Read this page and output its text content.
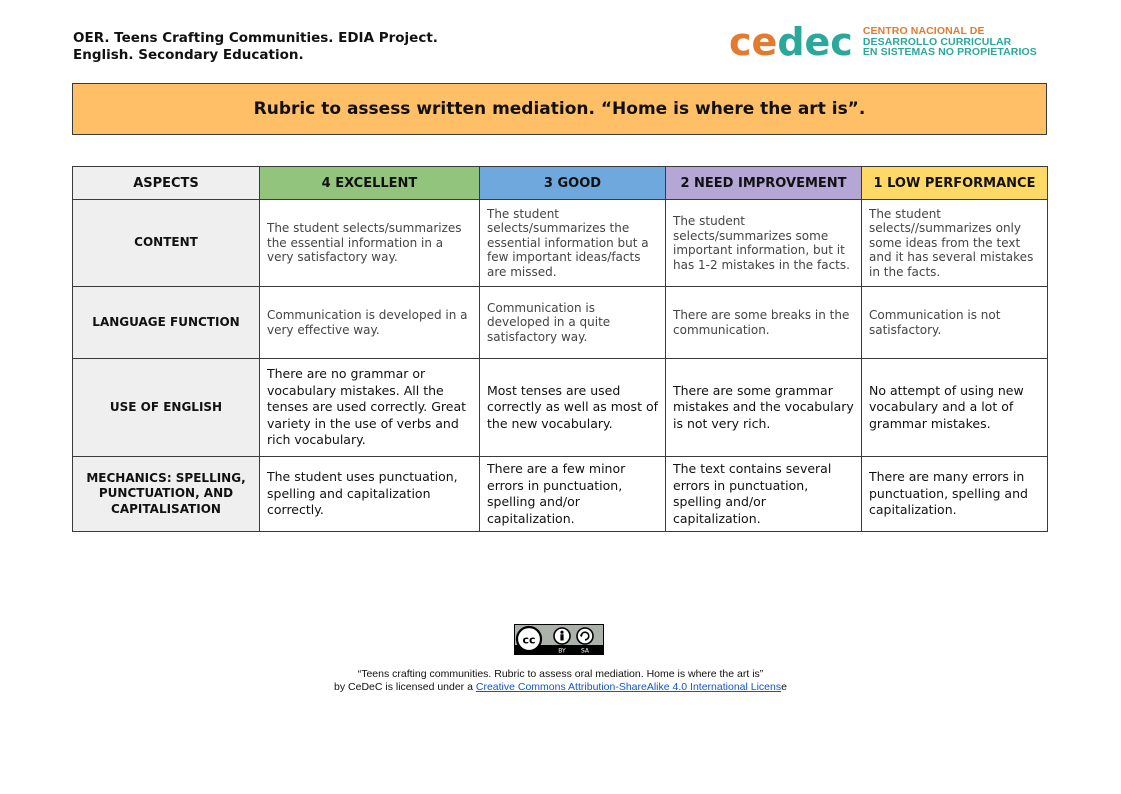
OER. Teens Crafting Communities. EDIA Project.
English. Secondary Education.	cedec CENTRO NACIONAL DE
DESARROLLO CURRICULAR
EN SISTEMAS NO PROPIETARIOS
Rubric to assess written mediation. “Home is where the art is”.
ASPECTS	4 EXCELLENT	3 GOOD	2 NEED IMPROVEMENT	1 LOW PERFORMANCE
CONTENT	The student selects/summarizes the essential information in a very satisfactory way.	The student selects/summarizes the essential information but a few important ideas/facts are missed.	The student selects/summarizes some important information, but it has 1-2 mistakes in the facts.	The student selects//summarizes only some ideas from the text and it has several mistakes in the facts.
LANGUAGE FUNCTION	Communication is developed in a very effective way.	Communication is developed in a quite satisfactory way.	There are some breaks in the communication.	Communication is not satisfactory.
USE OF ENGLISH	There are no grammar or vocabulary mistakes. All the tenses are used correctly. Great variety in the use of verbs and rich vocabulary.	Most tenses are used correctly as well as most of the new vocabulary.	There are some grammar mistakes and the vocabulary is not very rich.	No attempt of using new vocabulary and a lot of grammar mistakes.
MECHANICS: SPELLING, PUNCTUATION, AND CAPITALISATION	The student uses punctuation, spelling and capitalization correctly.	There are a few minor errors in punctuation, spelling and/or capitalization.	The text contains several errors in punctuation, spelling and/or capitalization.	There are many errors in punctuation, spelling and capitalization.
cc
BY	SA
“Teens crafting communities. Rubric to assess oral mediation. Home is where the art is”
by CeDeC is licensed under a Creative Commons Attribution-ShareAlike 4.0 International License
